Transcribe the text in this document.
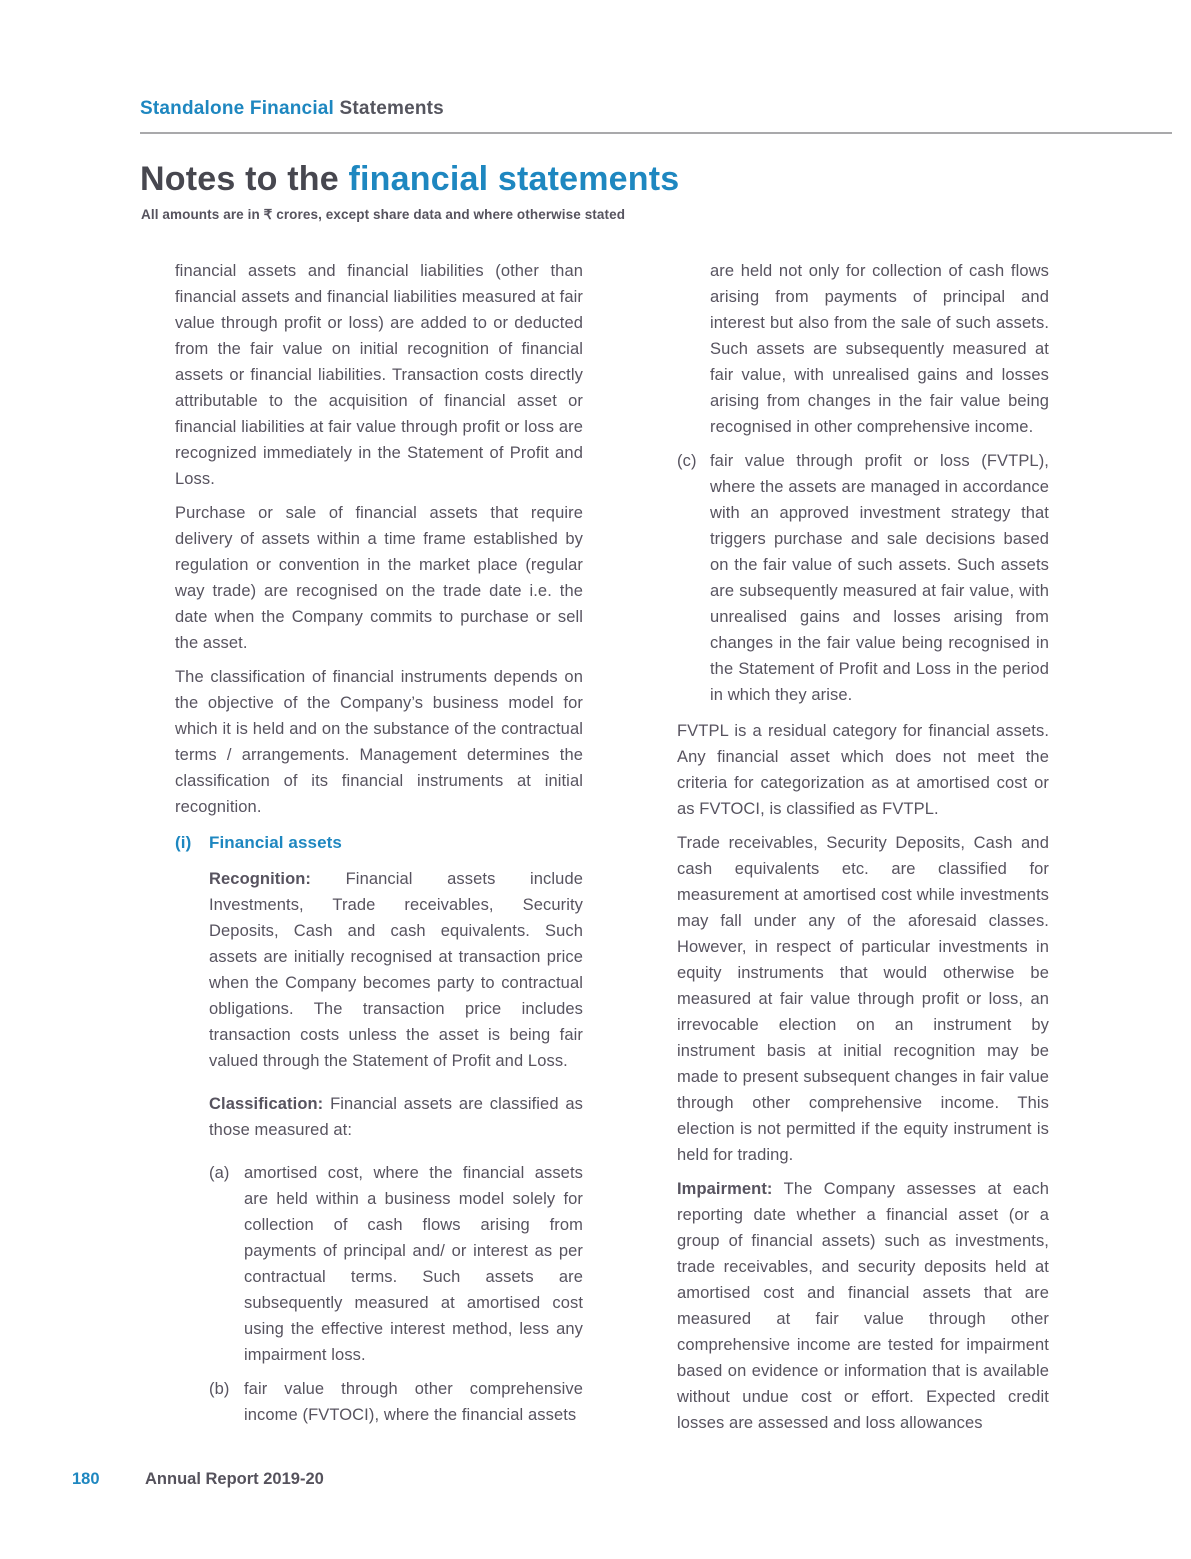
Standalone Financial Statements
Notes to the financial statements
All amounts are in ₹ crores, except share data and where otherwise stated

financial assets and financial liabilities (other than financial assets and financial liabilities measured at fair value through profit or loss) are added to or deducted from the fair value on initial recognition of financial assets or financial liabilities. Transaction costs directly attributable to the acquisition of financial asset or financial liabilities at fair value through profit or loss are recognized immediately in the Statement of Profit and Loss.

Purchase or sale of financial assets that require delivery of assets within a time frame established by regulation or convention in the market place (regular way trade) are recognised on the trade date i.e. the date when the Company commits to purchase or sell the asset.

The classification of financial instruments depends on the objective of the Company’s business model for which it is held and on the substance of the contractual terms / arrangements. Management determines the classification of its financial instruments at initial recognition.

(i) Financial assets

Recognition: Financial assets include Investments, Trade receivables, Security Deposits, Cash and cash equivalents. Such assets are initially recognised at transaction price when the Company becomes party to contractual obligations. The transaction price includes transaction costs unless the asset is being fair valued through the Statement of Profit and Loss.

Classification: Financial assets are classified as those measured at:

(a) amortised cost, where the financial assets are held within a business model solely for collection of cash flows arising from payments of principal and/ or interest as per contractual terms. Such assets are subsequently measured at amortised cost using the effective interest method, less any impairment loss.
(b) fair value through other comprehensive income (FVTOCI), where the financial assets
are held not only for collection of cash flows arising from payments of principal and interest but also from the sale of such assets. Such assets are subsequently measured at fair value, with unrealised gains and losses arising from changes in the fair value being recognised in other comprehensive income.
(c) fair value through profit or loss (FVTPL), where the assets are managed in accordance with an approved investment strategy that triggers purchase and sale decisions based on the fair value of such assets. Such assets are subsequently measured at fair value, with unrealised gains and losses arising from changes in the fair value being recognised in the Statement of Profit and Loss in the period in which they arise.

FVTPL is a residual category for financial assets. Any financial asset which does not meet the criteria for categorization as at amortised cost or as FVTOCI, is classified as FVTPL.

Trade receivables, Security Deposits, Cash and cash equivalents etc. are classified for measurement at amortised cost while investments may fall under any of the aforesaid classes. However, in respect of particular investments in equity instruments that would otherwise be measured at fair value through profit or loss, an irrevocable election on an instrument by instrument basis at initial recognition may be made to present subsequent changes in fair value through other comprehensive income. This election is not permitted if the equity instrument is held for trading.

Impairment: The Company assesses at each reporting date whether a financial asset (or a group of financial assets) such as investments, trade receivables, and security deposits held at amortised cost and financial assets that are measured at fair value through other comprehensive income are tested for impairment based on evidence or information that is available without undue cost or effort. Expected credit losses are assessed and loss allowances

180	Annual Report 2019-20
